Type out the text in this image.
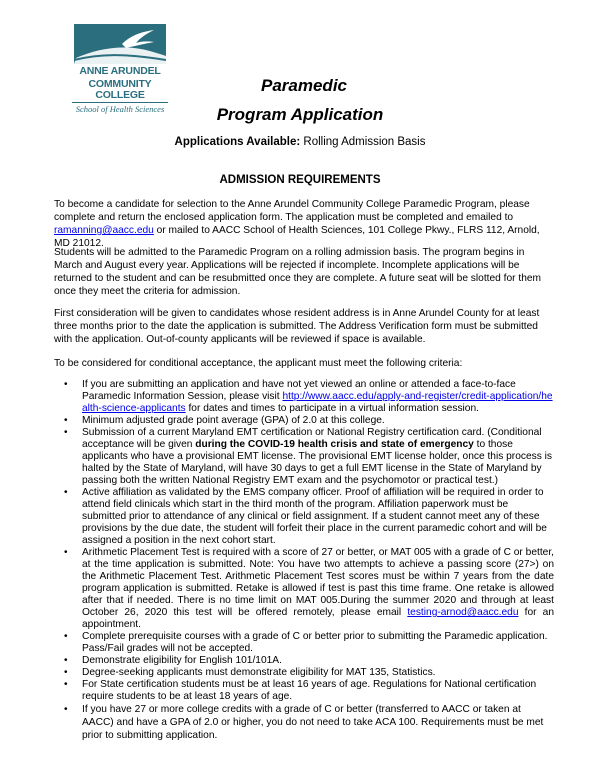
ANNE ARUNDEL
COMMUNITY COLLEGE
School of Health Sciences
Paramedic
Program Application
Applications Available: Rolling Admission Basis
ADMISSION REQUIREMENTS

To become a candidate for selection to the Anne Arundel Community College Paramedic Program, please complete and return the enclosed application form. The application must be completed and emailed to ramanning@aacc.edu or mailed to AACC School of Health Sciences, 101 College Pkwy., FLRS 112, Arnold, MD 21012.

Students will be admitted to the Paramedic Program on a rolling admission basis. The program begins in March and August every year. Applications will be rejected if incomplete. Incomplete applications will be returned to the student and can be resubmitted once they are complete. A future seat will be slotted for them once they meet the criteria for admission.

First consideration will be given to candidates whose resident address is in Anne Arundel County for at least three months prior to the date the application is submitted. The Address Verification form must be submitted with the application. Out-of-county applicants will be reviewed if space is available.

To be considered for conditional acceptance, the applicant must meet the following criteria:

• If you are submitting an application and have not yet viewed an online or attended a face-to-face Paramedic Information Session, please visit http://www.aacc.edu/apply-and-register/credit-application/health-science-applicants for dates and times to participate in a virtual information session.
• Minimum adjusted grade point average (GPA) of 2.0 at this college.
• Submission of a current Maryland EMT certification or National Registry certification card. (Conditional acceptance will be given during the COVID-19 health crisis and state of emergency to those applicants who have a provisional EMT license. The provisional EMT license holder, once this process is halted by the State of Maryland, will have 30 days to get a full EMT license in the State of Maryland by passing both the written National Registry EMT exam and the psychomotor or practical test.)
• Active affiliation as validated by the EMS company officer. Proof of affiliation will be required in order to attend field clinicals which start in the third month of the program. Affiliation paperwork must be submitted prior to attendance of any clinical or field assignment. If a student cannot meet any of these provisions by the due date, the student will forfeit their place in the current paramedic cohort and will be assigned a position in the next cohort start.
• Arithmetic Placement Test is required with a score of 27 or better, or MAT 005 with a grade of C or better, at the time application is submitted. Note: You have two attempts to achieve a passing score (27>) on the Arithmetic Placement Test. Arithmetic Placement Test scores must be within 7 years from the date program application is submitted. Retake is allowed if test is past this time frame. One retake is allowed after that if needed. There is no time limit on MAT 005.During the summer 2020 and through at least October 26, 2020 this test will be offered remotely, please email testing-arnod@aacc.edu for an appointment.
• Complete prerequisite courses with a grade of C or better prior to submitting the Paramedic application. Pass/Fail grades will not be accepted.
• Demonstrate eligibility for English 101/101A.
• Degree-seeking applicants must demonstrate eligibility for MAT 135, Statistics.
• For State certification students must be at least 16 years of age. Regulations for National certification require students to be at least 18 years of age.
• If you have 27 or more college credits with a grade of C or better (transferred to AACC or taken at AACC) and have a GPA of 2.0 or higher, you do not need to take ACA 100. Requirements must be met prior to submitting application.
